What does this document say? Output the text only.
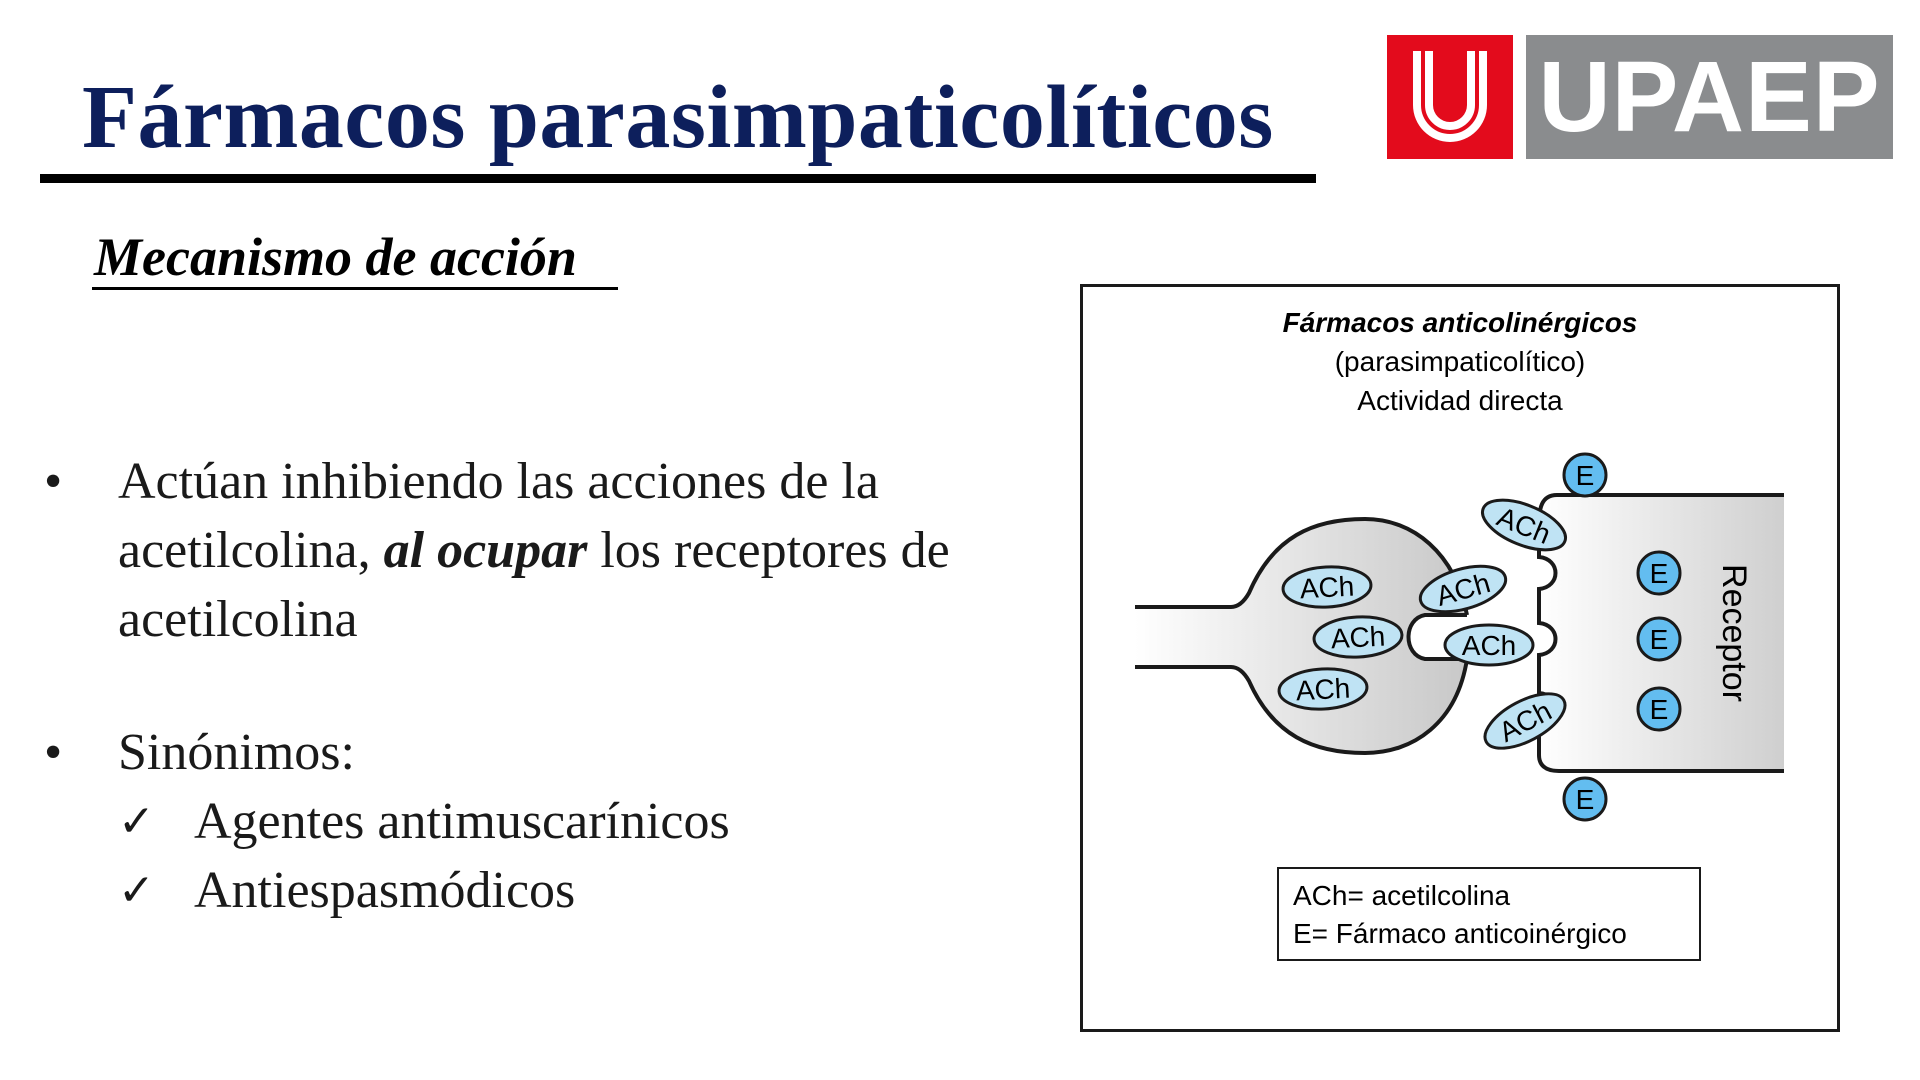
Fármacos parasimpaticolíticos	UPAEP
Mecanismo de acción
• Actúan inhibiendo las acciones de la acetilcolina, al ocupar los receptores de acetilcolina
• Sinónimos:
✓ Agentes antimuscarínicos
✓ Antiespasmódicos
Fármacos anticolinérgicos
(parasimpaticolítico)
Actividad directa
Receptor
ACh
ACh
ACh
ACh
ACh
ACh
ACh
E
E
E
E
E
ACh= acetilcolina
E= Fármaco anticoinérgico
